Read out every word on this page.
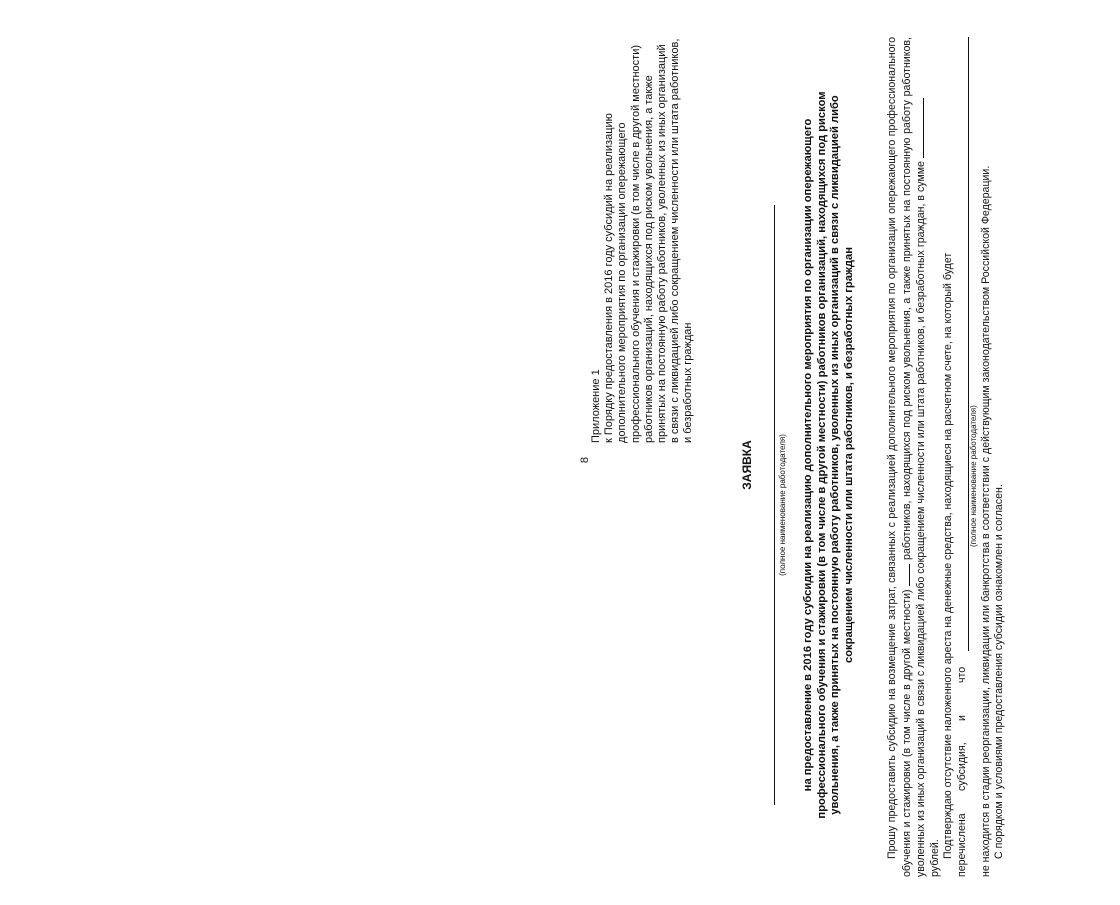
8

Приложение 1 к Порядку предоставления в 2016 году субсидий на реализацию дополнительного мероприятия по организации опережающего профессионального обучения и стажировки (в том числе в другой местности) работников организаций, находящихся под риском увольнения, а также принятых на постоянную работу работников, уволенных из иных организаций в связи с ликвидацией либо сокращением численности или штата работников, и безработных граждан

ЗАЯВКА	(полное наименование работодателя) на предоставление в 2016 году субсидии на реализацию дополнительного мероприятия по организации опережающего профессионального обучения и стажировки (в том числе в другой местности) работников организаций, находящихся под риском увольнения, а также принятых на постоянную работу работников, уволенных из иных организаций в связи с ликвидацией либо сокращением численности или штата работников, и безработных граждан	Прошу предоставить субсидию на возмещение затрат, связанных с реализацией дополнительного мероприятия по организации опережающего профессионального обучения и стажировки (в том числе в другой местности)  работников, находящихся под риском увольнения, а также принятых на постоянную работу работников, уволенных из иных организаций в связи с ликвидацией либо сокращением численности или штата работников, и безработных граждан, в сумме рублей. Подтверждаю отсутствие наложенного ареста на денежные средства, находящиеся на расчетном счете, на который будет перечислена
субсидия,
и
что
(полное наименование работодателя) не находится в стадии реорганизации, ликвидации или банкротства в соответствии с действующим законодательством Российской Федерации. С порядком и условиями предоставления субсидии ознакомлен и согласен.
